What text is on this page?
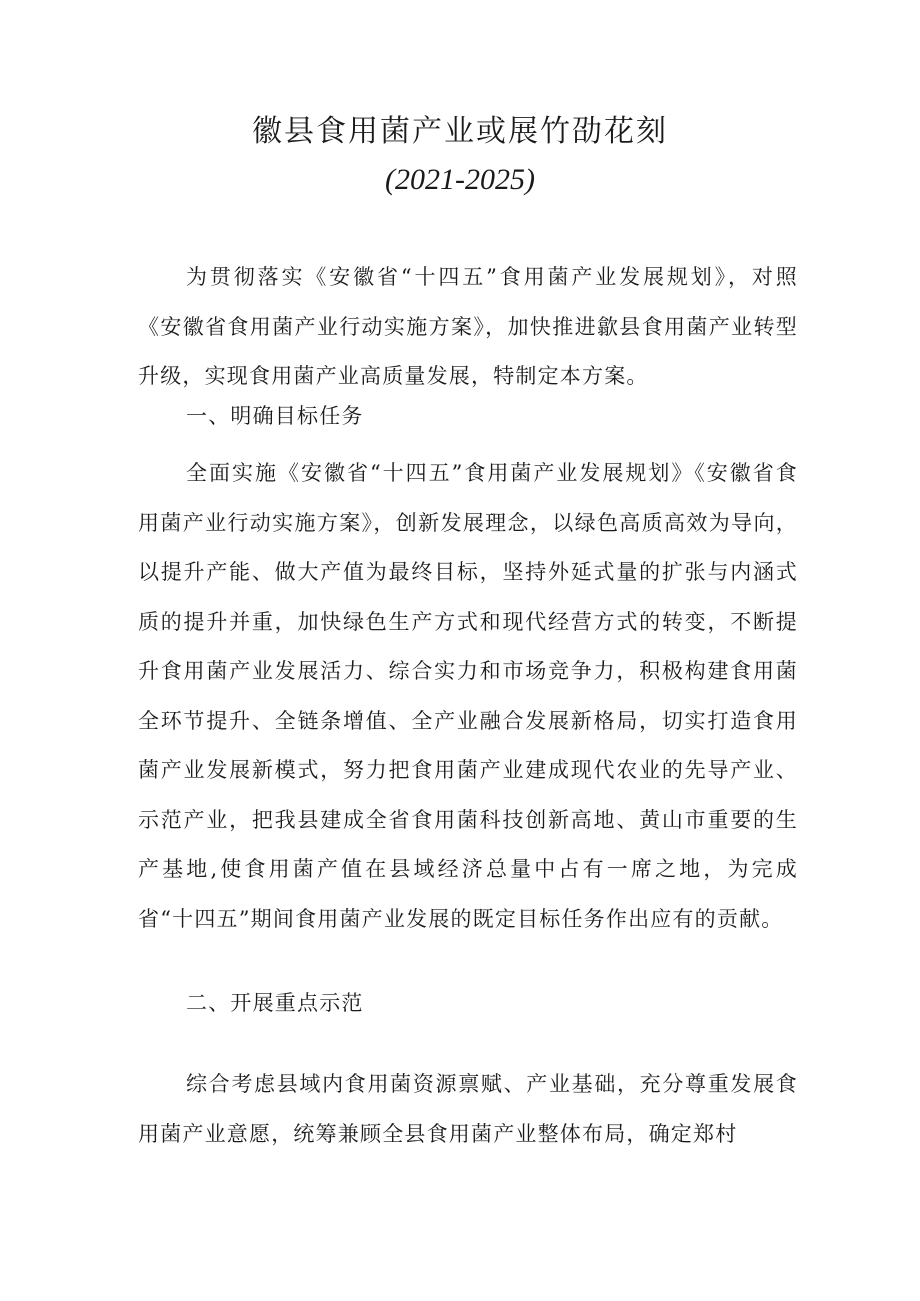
徽县食用菌产业或展竹劭花刻
(2021-2025)

为贯彻落实《安徽省“十四五”食用菌产业发展规划》，对照《安徽省食用菌产业行动实施方案》，加快推进歙县食用菌产业转型升级，实现食用菌产业高质量发展，特制定本方案。

一、明确目标任务

全面实施《安徽省“十四五”食用菌产业发展规划》《安徽省食用菌产业行动实施方案》，创新发展理念，以绿色高质高效为导向，以提升产能、做大产值为最终目标，坚持外延式量的扩张与内涵式质的提升并重，加快绿色生产方式和现代经营方式的转变，不断提升食用菌产业发展活力、综合实力和市场竞争力，积极构建食用菌全环节提升、全链条增值、全产业融合发展新格局，切实打造食用菌产业发展新模式，努力把食用菌产业建成现代农业的先导产业、示范产业，把我县建成全省食用菌科技创新高地、黄山市重要的生产基地,使食用菌产值在县域经济总量中占有一席之地，为完成省“十四五”期间食用菌产业发展的既定目标任务作出应有的贡献。

二、开展重点示范

综合考虑县域内食用菌资源禀赋、产业基础，充分尊重发展食用菌产业意愿，统筹兼顾全县食用菌产业整体布局，确定郑村
